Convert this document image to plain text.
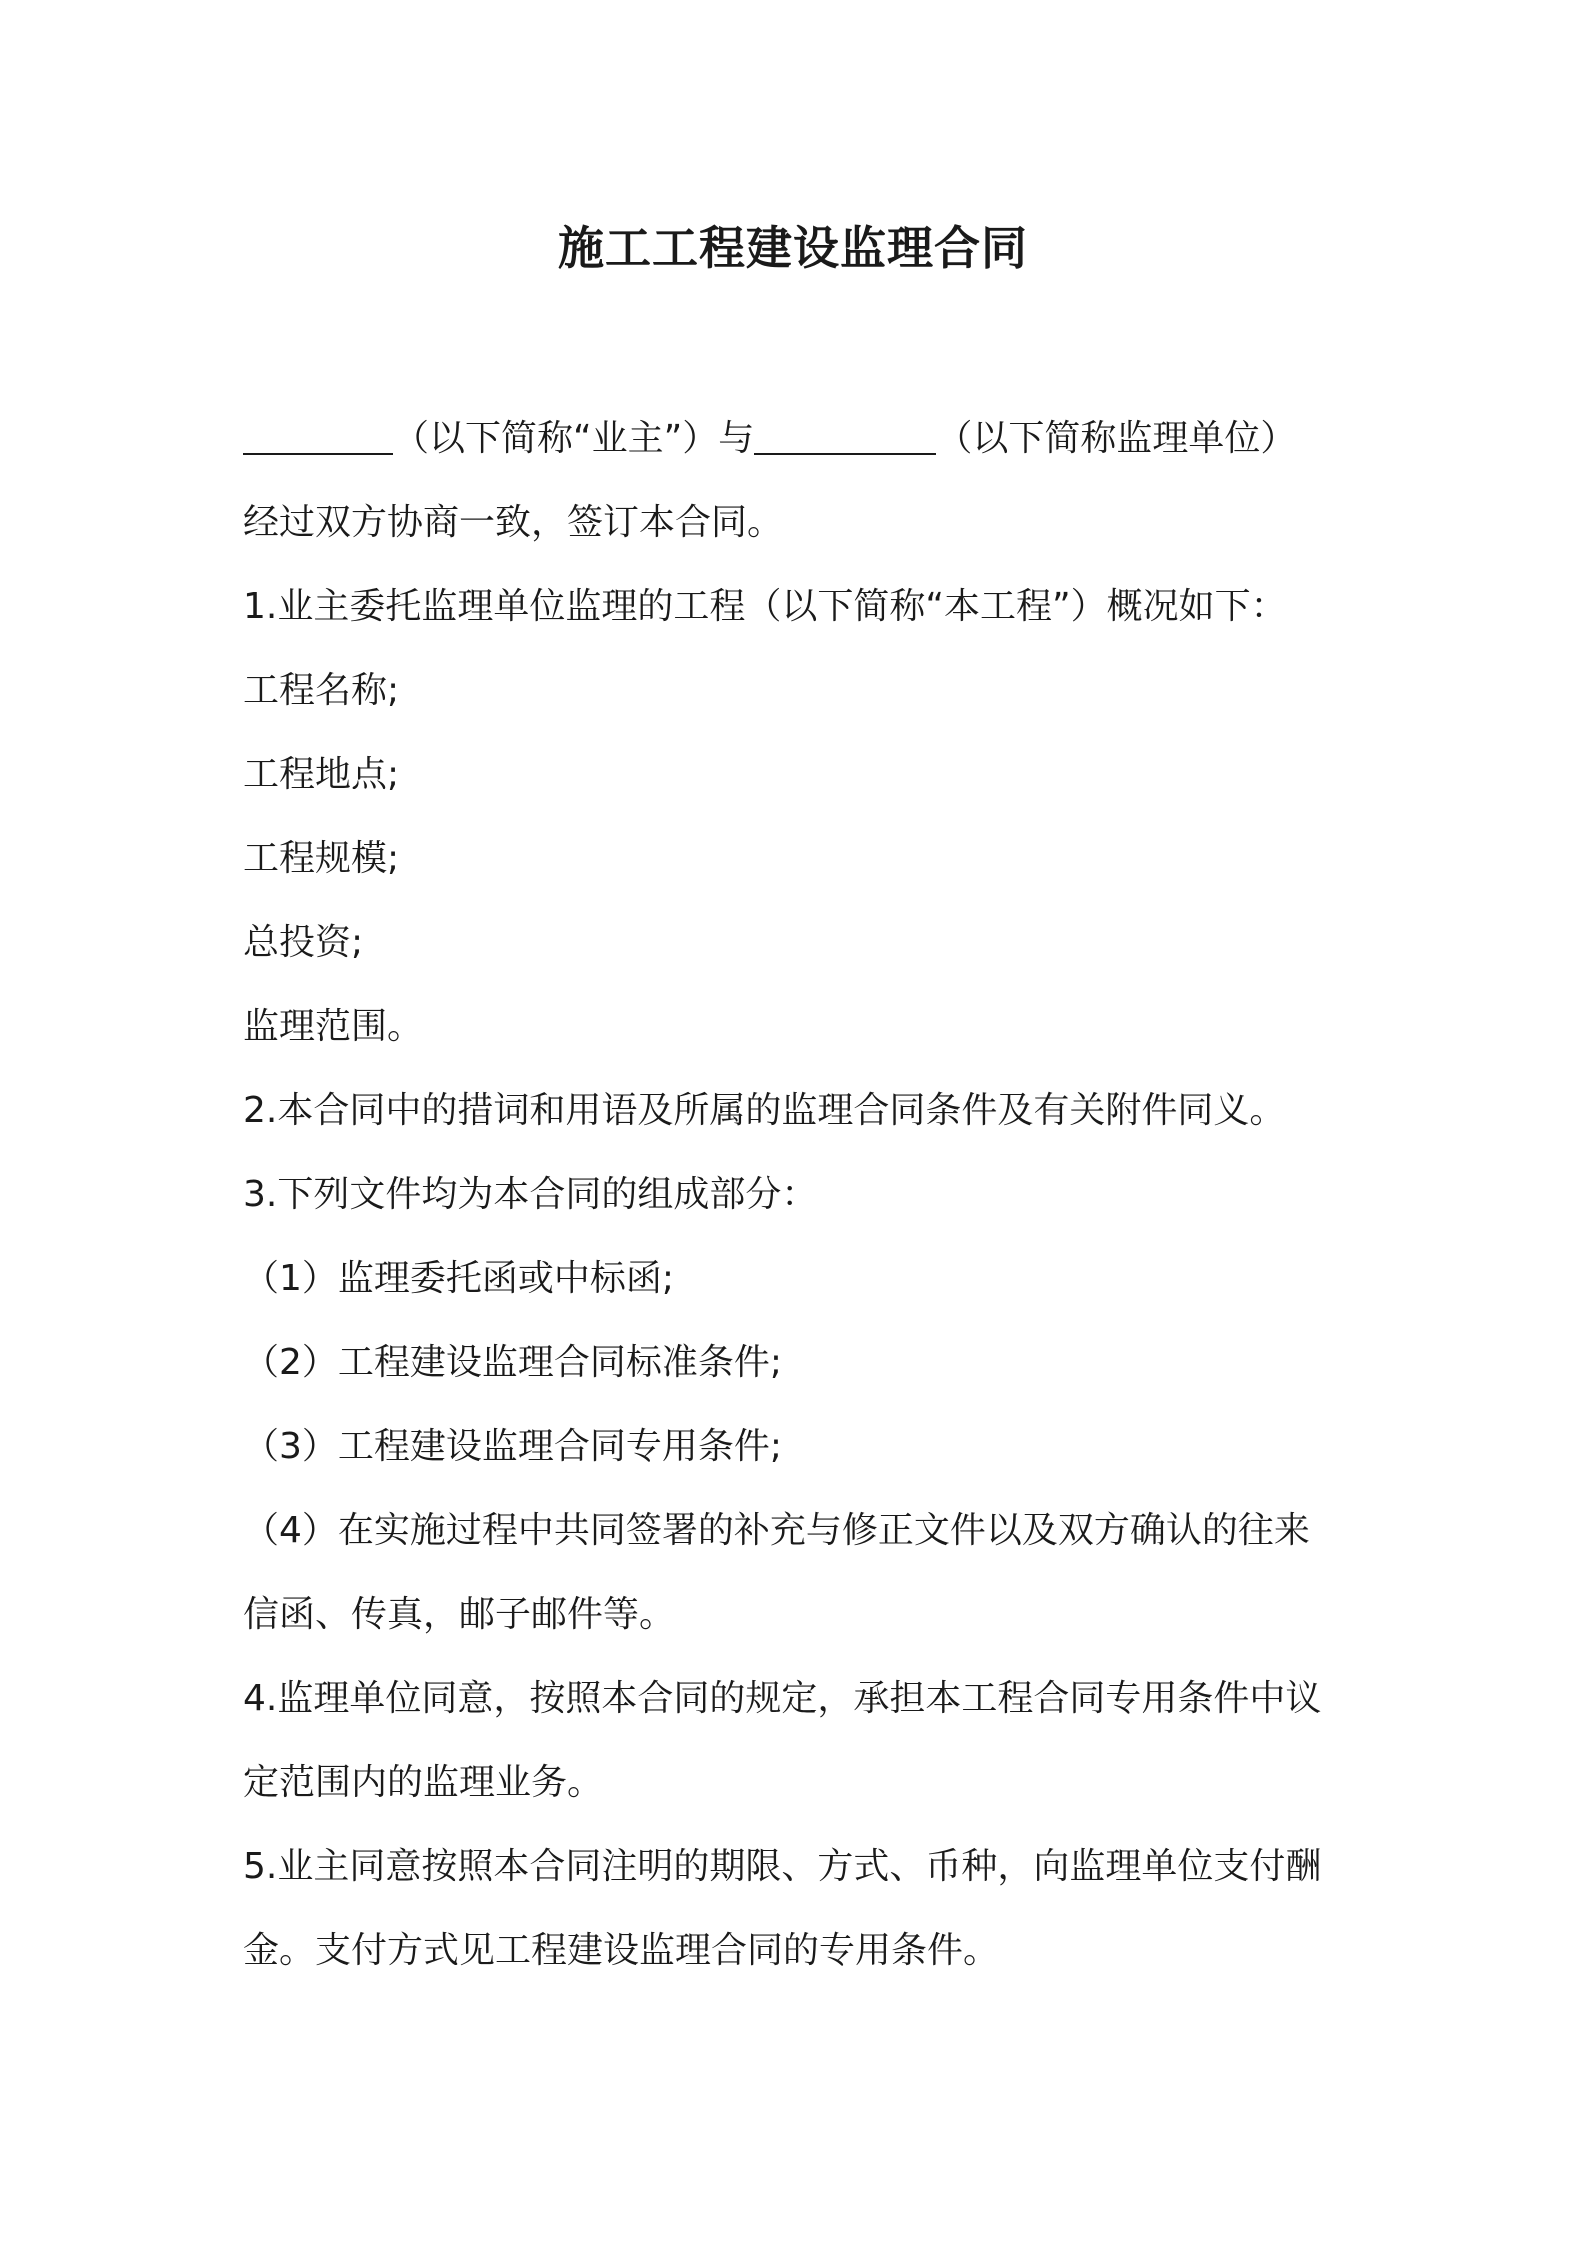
施工工程建设监理合同
（以下简称“业主”）与	（以下简称监理单位）
经过双方协商一致，签订本合同。
1.业主委托监理单位监理的工程（以下简称“本工程”）概况如下：
工程名称;
工程地点;
工程规模;
总投资;
监理范围。
2.本合同中的措词和用语及所属的监理合同条件及有关附件同义。
3.下列文件均为本合同的组成部分：
（1）监理委托函或中标函;
（2）工程建设监理合同标准条件;
（3）工程建设监理合同专用条件;
（4）在实施过程中共同签署的补充与修正文件以及双方确认的往来
信函、传真，邮子邮件等。
4.监理单位同意，按照本合同的规定，承担本工程合同专用条件中议
定范围内的监理业务。
5.业主同意按照本合同注明的期限、方式、币种，向监理单位支付酬
金。支付方式见工程建设监理合同的专用条件。
